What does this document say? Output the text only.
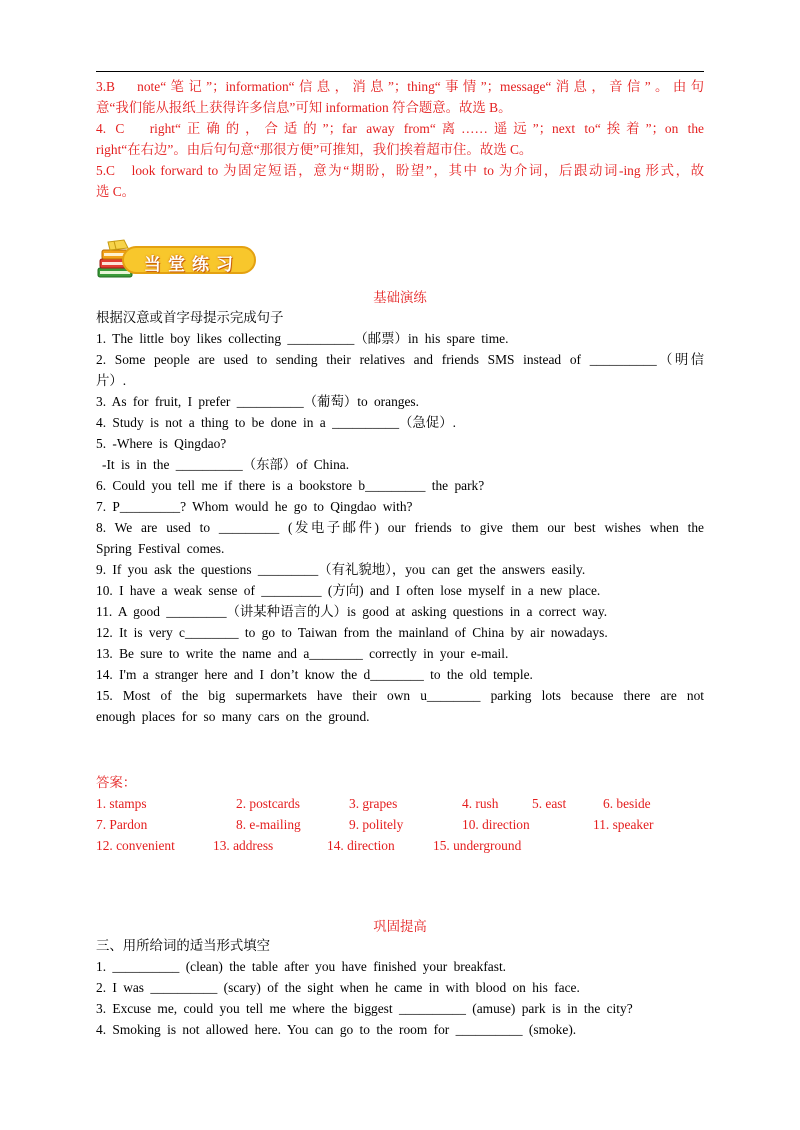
3.B　note“笔记”；information“信息，消息”；thing“事情”；message“消息，音信”。由句

意“我们能从报纸上获得许多信息”可知 information 符合题意。故选 B。

4. C　right“正确的，合适的”；far away from“离……遥远”；next to“挨着”；on the

right“在右边”。由后句句意“那很方便”可推知，我们挨着超市住。故选 C。

5.C　look forward to 为固定短语，意为“期盼，盼望”，其中 to 为介词，后跟动词-ing 形式，故

选 C。

当堂练习
基础演练

根据汉意或首字母提示完成句子

1. The little boy likes collecting __________（邮票）in his spare time.

2. Some people are used to sending their relatives and friends SMS instead of __________（明信

片）.

3. As for fruit, I prefer __________（葡萄）to oranges.

4. Study is not a thing to be done in a __________（急促）.

5. -Where is Qingdao?

-It is in the __________（东部）of China.

6. Could you tell me if there is a bookstore b_________ the park?

7. P_________? Whom would he go to Qingdao with?

8. We are used to _________ (发电子邮件) our friends to give them our best wishes when the

Spring Festival comes.

9. If you ask the questions _________（有礼貌地），you can get the answers easily.

10. I have a weak sense of _________ (方向) and I often lose myself in a new place.

11. A good _________（讲某种语言的人）is good at asking questions in a correct way.

12. It is very c________ to go to Taiwan from the mainland of China by air nowadays.

13. Be sure to write the name and a________ correctly in your e-mail.

14. I'm a stranger here and I don’t know the d________ to the old temple.

15. Most of the big supermarkets have their own u________ parking lots because there are not

enough places for so many cars on the ground.

答案：
1. stamps	2. postcards	3. grapes	4. rush	5. east	6. beside
7. Pardon	8. e-mailing	9. politely	10. direction	11. speaker
12. convenient	13. address	14. direction	15. underground
巩固提高

三、用所给词的适当形式填空

1. __________ (clean) the table after you have finished your breakfast.

2. I was __________ (scary) of the sight when he came in with blood on his face.

3. Excuse me, could you tell me where the biggest __________ (amuse) park is in the city?

4. Smoking is not allowed here. You can go to the room for __________ (smoke).
